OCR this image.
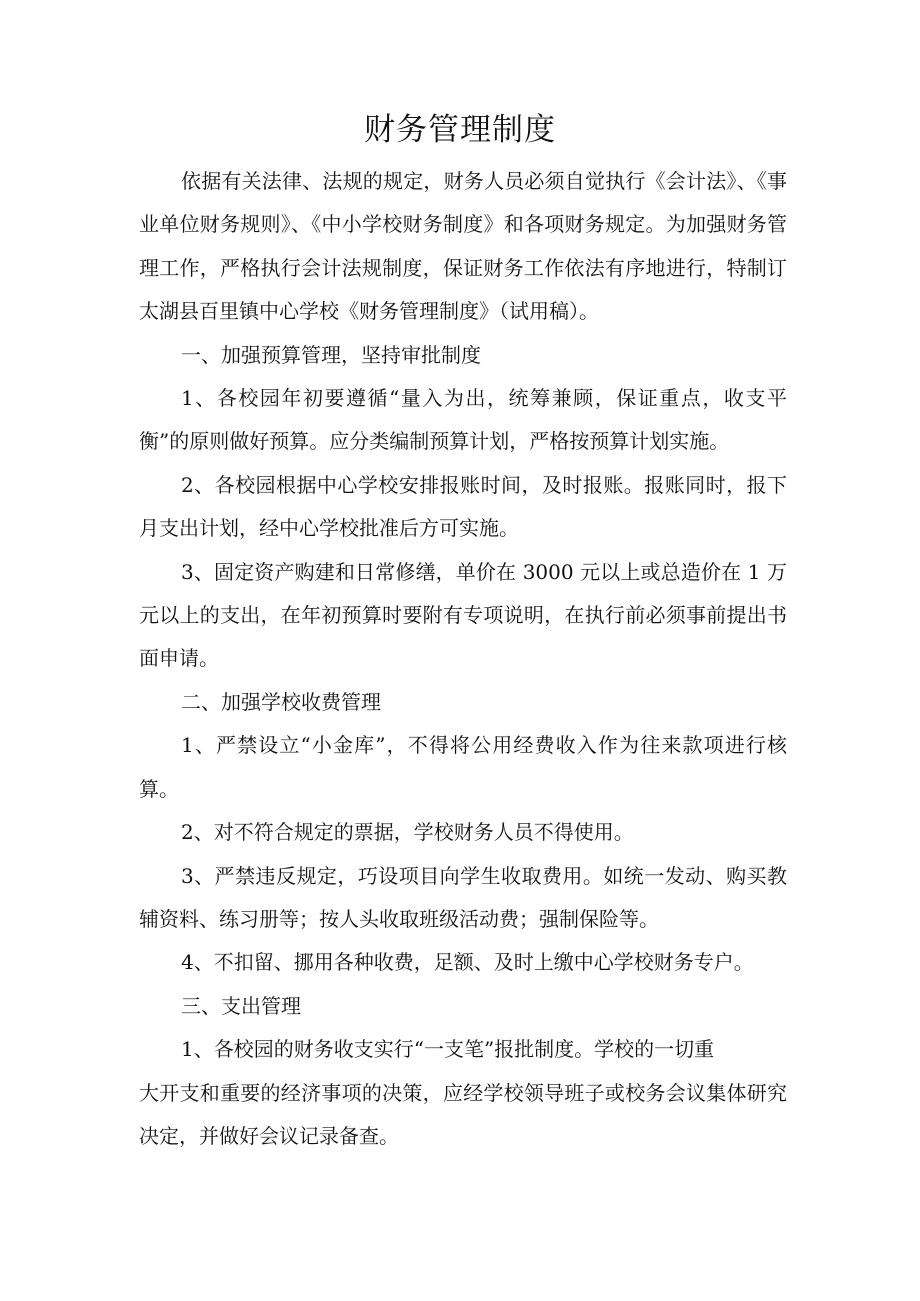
财务管理制度

依据有关法律、法规的规定，财务人员必须自觉执行《会计法》、《事业单位财务规则》、《中小学校财务制度》和各项财务规定。为加强财务管理工作，严格执行会计法规制度，保证财务工作依法有序地进行，特制订太湖县百里镇中心学校《财务管理制度》（试用稿）。

一、加强预算管理，坚持审批制度

1、各校园年初要遵循“量入为出，统筹兼顾，保证重点，收支平衡”的原则做好预算。应分类编制预算计划，严格按预算计划实施。

2、各校园根据中心学校安排报账时间，及时报账。报账同时，报下月支出计划，经中心学校批准后方可实施。

3、固定资产购建和日常修缮，单价在 3000 元以上或总造价在 1 万元以上的支出，在年初预算时要附有专项说明，在执行前必须事前提出书面申请。

二、加强学校收费管理

1、严禁设立“小金库”，不得将公用经费收入作为往来款项进行核算。

2、对不符合规定的票据，学校财务人员不得使用。

3、严禁违反规定，巧设项目向学生收取费用。如统一发动、购买教辅资料、练习册等；按人头收取班级活动费；强制保险等。

4、不扣留、挪用各种收费，足额、及时上缴中心学校财务专户。

三、支出管理

1、各校园的财务收支实行“一支笔”报批制度。学校的一切重
大开支和重要的经济事项的决策，应经学校领导班子或校务会议集体研究决定，并做好会议记录备查。
